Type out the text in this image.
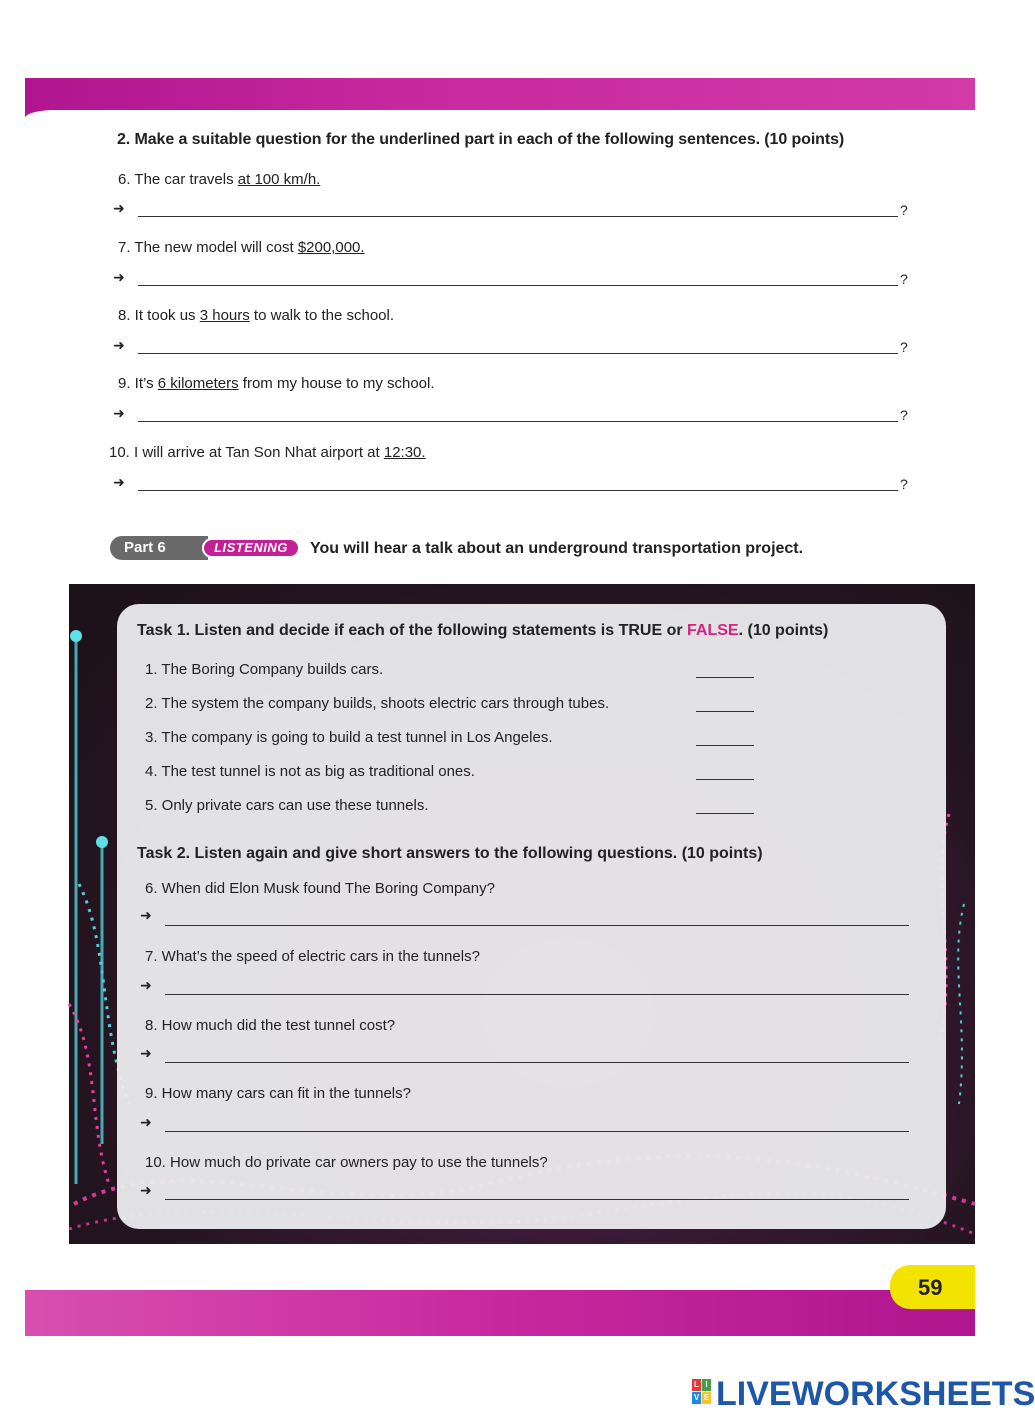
2. Make a suitable question for the underlined part in each of the following sentences. (10 points)
6. The car travels at 100 km/h.
➜	?
7. The new model will cost $200,000.
➜	?
8. It took us 3 hours to walk to the school.
➜	?
9. It’s 6 kilometers from my house to my school.
➜	?
10. I will arrive at Tan Son Nhat airport at 12:30.
➜	?
Part 6	LISTENING	You will hear a talk about an underground transportation project.
Task 1. Listen and decide if each of the following statements is TRUE or FALSE. (10 points)
1. The Boring Company builds cars.
2. The system the company builds, shoots electric cars through tubes.
3. The company is going to build a test tunnel in Los Angeles.
4. The test tunnel is not as big as traditional ones.
5. Only private cars can use these tunnels.
Task 2. Listen again and give short answers to the following questions. (10 points)
6. When did Elon Musk found The Boring Company?
➜
7. What’s the speed of electric cars in the tunnels?
➜
8. How much did the test tunnel cost?
➜
9. How many cars can fit in the tunnels?
➜
10. How much do private car owners pay to use the tunnels?
➜
59
L I
V E LIVEWORKSHEETS
